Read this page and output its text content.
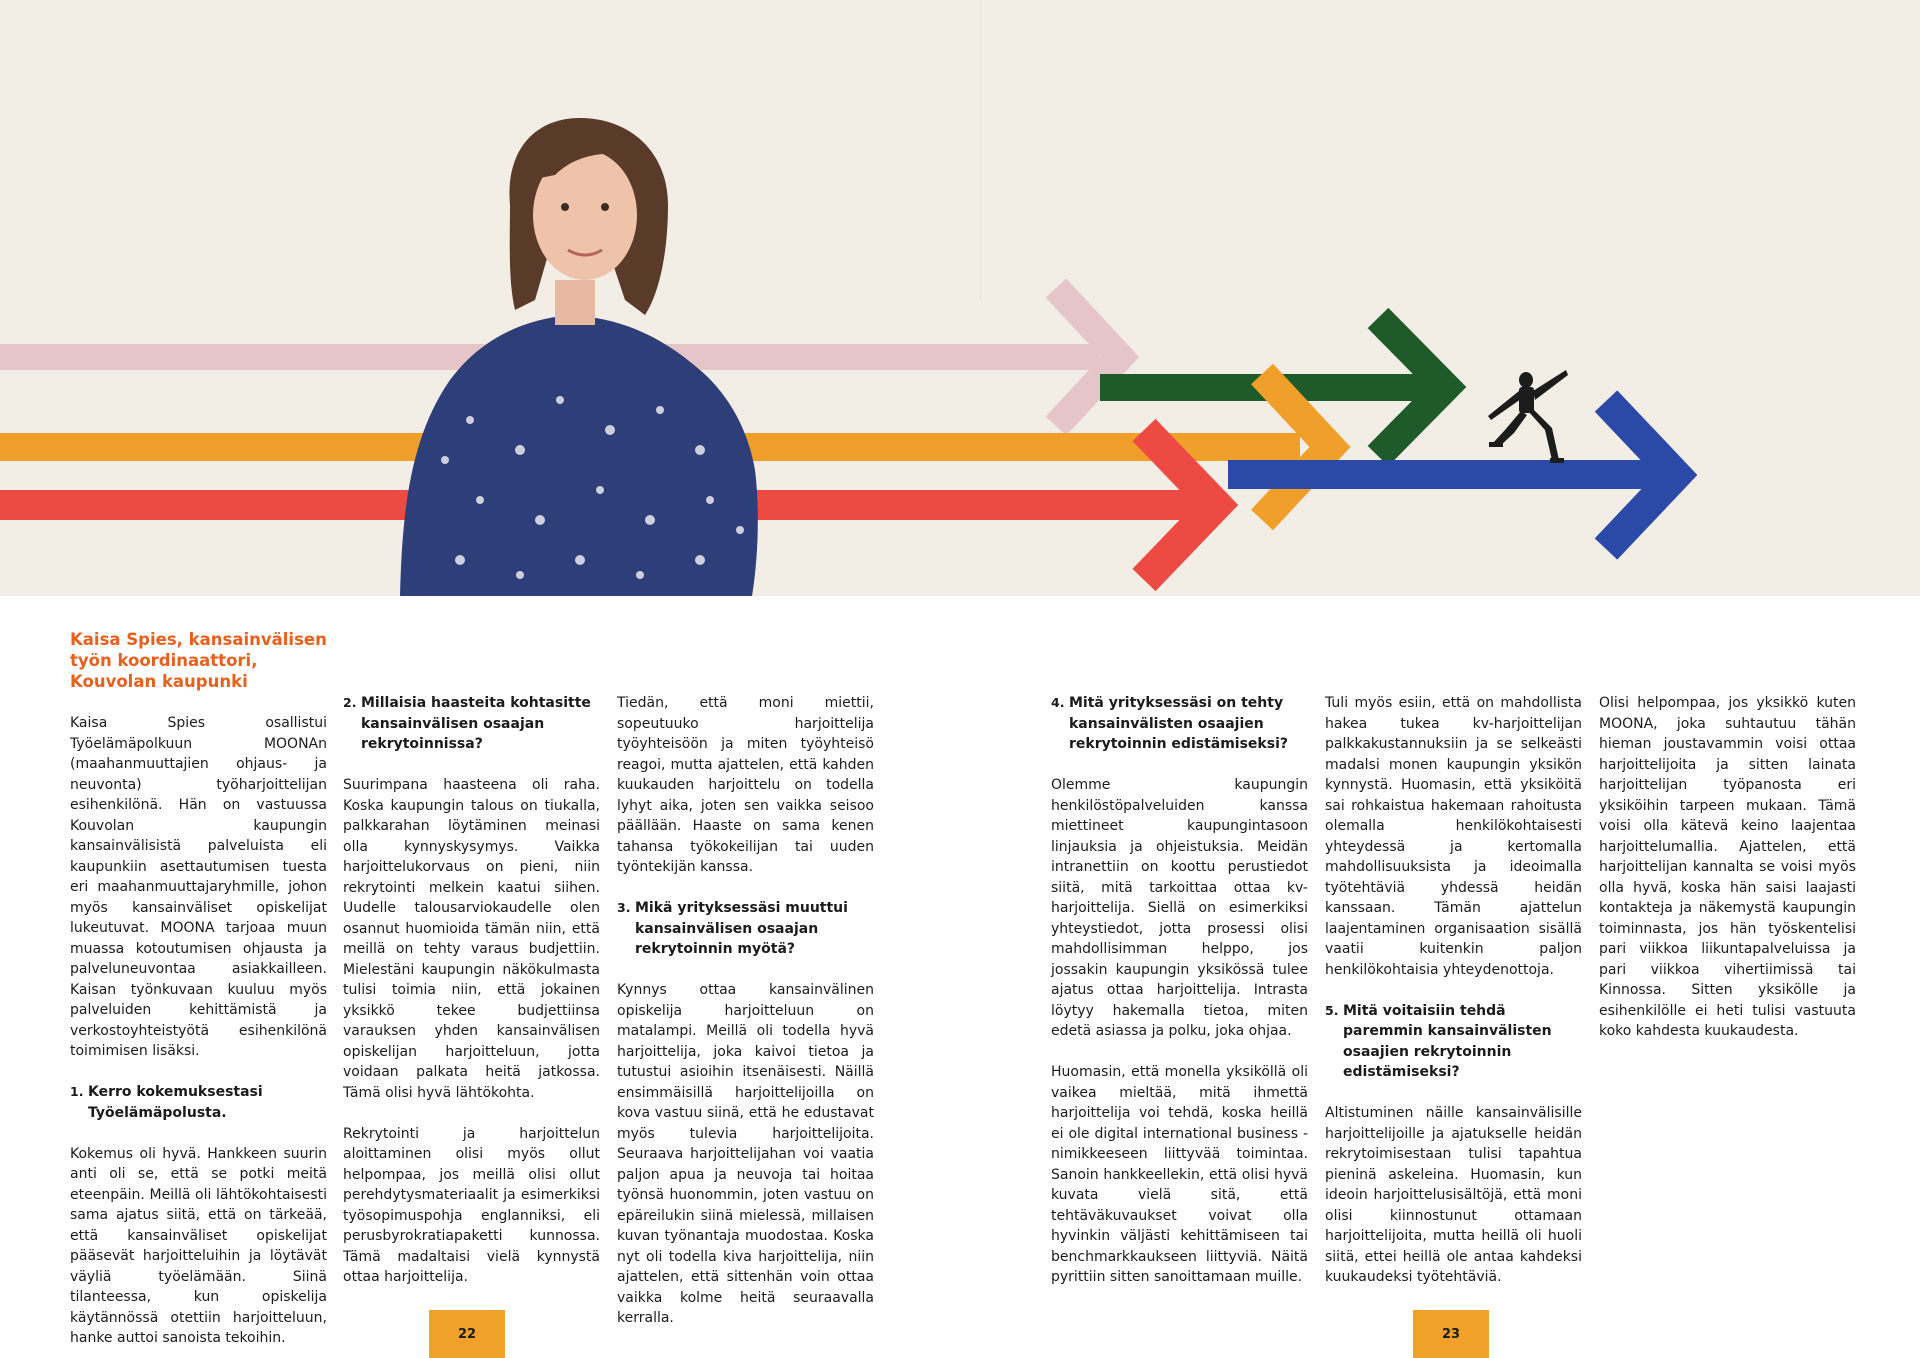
Kaisa Spies, kansainvälisen työn koordinaattori, Kouvolan kaupunki

Kaisa Spies osallistui Työelämäpolkuun MOONAn (maahanmuuttajien ohjaus- ja neuvonta) työharjoittelijan esihenkilönä. Hän on vastuussa Kouvolan kaupungin kansainvälisistä palveluista eli kaupunkiin asettautumisen tuesta eri maahanmuuttajaryhmille, johon myös kansainväliset opiskelijat lukeutuvat. MOONA tarjoaa muun muassa kotoutumisen ohjausta ja palveluneuvontaa asiakkailleen. Kaisan työnkuvaan kuuluu myös palveluiden kehittämistä ja verkostoyhteistyötä esihenkilönä toimimisen lisäksi.

1. Kerro kokemuksestasi Työelämäpolusta.

Kokemus oli hyvä. Hankkeen suurin anti oli se, että se potki meitä eteenpäin. Meillä oli lähtökohtaisesti sama ajatus siitä, että on tärkeää, että kansainväliset opiskelijat pääsevät harjoitteluihin ja löytävät väyliä työelämään. Siinä tilanteessa, kun opiskelija käytännössä otettiin harjoitteluun, hanke auttoi sanoista tekoihin.

2. Millaisia haasteita kohtasitte kansainvälisen osaajan rekrytoinnissa?

Suurimpana haasteena oli raha. Koska kaupungin talous on tiukalla, palkkarahan löytäminen meinasi olla kynnyskysymys. Vaikka harjoittelukorvaus on pieni, niin rekrytointi melkein kaatui siihen. Uudelle talousarviokaudelle olen osannut huomioida tämän niin, että meillä on tehty varaus budjettiin. Mielestäni kaupungin näkökulmasta tulisi toimia niin, että jokainen yksikkö tekee budjettiinsa varauksen yhden kansainvälisen opiskelijan harjoitteluun, jotta voidaan palkata heitä jatkossa. Tämä olisi hyvä lähtökohta.

Rekrytointi ja harjoittelun aloittaminen olisi myös ollut helpompaa, jos meillä olisi ollut perehdytysmateriaalit ja esimerkiksi työsopimuspohja englanniksi, eli perusbyrokratiapaketti kunnossa. Tämä madaltaisi vielä kynnystä ottaa harjoittelija.

Tiedän, että moni miettii, sopeutuuko harjoittelija työyhteisöön ja miten työyhteisö reagoi, mutta ajattelen, että kahden kuukauden harjoittelu on todella lyhyt aika, joten sen vaikka seisoo päällään. Haaste on sama kenen tahansa työkokeilijan tai uuden työntekijän kanssa.

3. Mikä yrityksessäsi muuttui kansainvälisen osaajan rekrytoinnin myötä?

Kynnys ottaa kansainvälinen opiskelija harjoitteluun on matalampi. Meillä oli todella hyvä harjoittelija, joka kaivoi tietoa ja tutustui asioihin itsenäisesti. Näillä ensimmäisillä harjoittelijoilla on kova vastuu siinä, että he edustavat myös tulevia harjoittelijoita. Seuraava harjoittelijahan voi vaatia paljon apua ja neuvoja tai hoitaa työnsä huonommin, joten vastuu on epäreilukin siinä mielessä, millaisen kuvan työnantaja muodostaa. Koska nyt oli todella kiva harjoittelija, niin ajattelen, että sittenhän voin ottaa vaikka kolme heitä seuraavalla kerralla.

4. Mitä yrityksessäsi on tehty kansainvälisten osaajien rekrytoinnin edistämiseksi?

Olemme kaupungin henkilöstöpalveluiden kanssa miettineet kaupungintasoon linjauksia ja ohjeistuksia. Meidän intranettiin on koottu perustiedot siitä, mitä tarkoittaa ottaa kv-harjoittelija. Siellä on esimerkiksi yhteystiedot, jotta prosessi olisi mahdollisimman helppo, jos jossakin kaupungin yksikössä tulee ajatus ottaa harjoittelija. Intrasta löytyy hakemalla tietoa, miten edetä asiassa ja polku, joka ohjaa.

Huomasin, että monella yksiköllä oli vaikea mieltää, mitä ihmettä harjoittelija voi tehdä, koska heillä ei ole digital international business -nimikkeeseen liittyvää toimintaa. Sanoin hankkeellekin, että olisi hyvä kuvata vielä sitä, että tehtäväkuvaukset voivat olla hyvinkin väljästi kehittämiseen tai benchmarkkaukseen liittyviä. Näitä pyrittiin sitten sanoittamaan muille.

Tuli myös esiin, että on mahdollista hakea tukea kv-harjoittelijan palkkakustannuksiin ja se selkeästi madalsi monen kaupungin yksikön kynnystä. Huomasin, että yksiköitä sai rohkaistua hakemaan rahoitusta olemalla henkilökohtaisesti yhteydessä ja kertomalla mahdollisuuksista ja ideoimalla työtehtäviä yhdessä heidän kanssaan. Tämän ajattelun laajentaminen organisaation sisällä vaatii kuitenkin paljon henkilökohtaisia yhteydenottoja.

5. Mitä voitaisiin tehdä paremmin kansainvälisten osaajien rekrytoinnin edistämiseksi?

Altistuminen näille kansainvälisille harjoittelijoille ja ajatukselle heidän rekrytoimisestaan tulisi tapahtua pieninä askeleina. Huomasin, kun ideoin harjoittelusisältöjä, että moni olisi kiinnostunut ottamaan harjoittelijoita, mutta heillä oli huoli siitä, ettei heillä ole antaa kahdeksi kuukaudeksi työtehtäviä.

Olisi helpompaa, jos yksikkö kuten MOONA, joka suhtautuu tähän hieman joustavammin voisi ottaa harjoittelijoita ja sitten lainata harjoittelijan työpanosta eri yksiköihin tarpeen mukaan. Tämä voisi olla kätevä keino laajentaa harjoittelumallia. Ajattelen, että harjoittelijan kannalta se voisi myös olla hyvä, koska hän saisi laajasti kontakteja ja näkemystä kaupungin toiminnasta, jos hän työskentelisi pari viikkoa liikuntapalveluissa ja pari viikkoa vihertiimissä tai Kinnossa. Sitten yksikölle ja esihenkilölle ei heti tulisi vastuuta koko kahdesta kuukaudesta.

22	23
